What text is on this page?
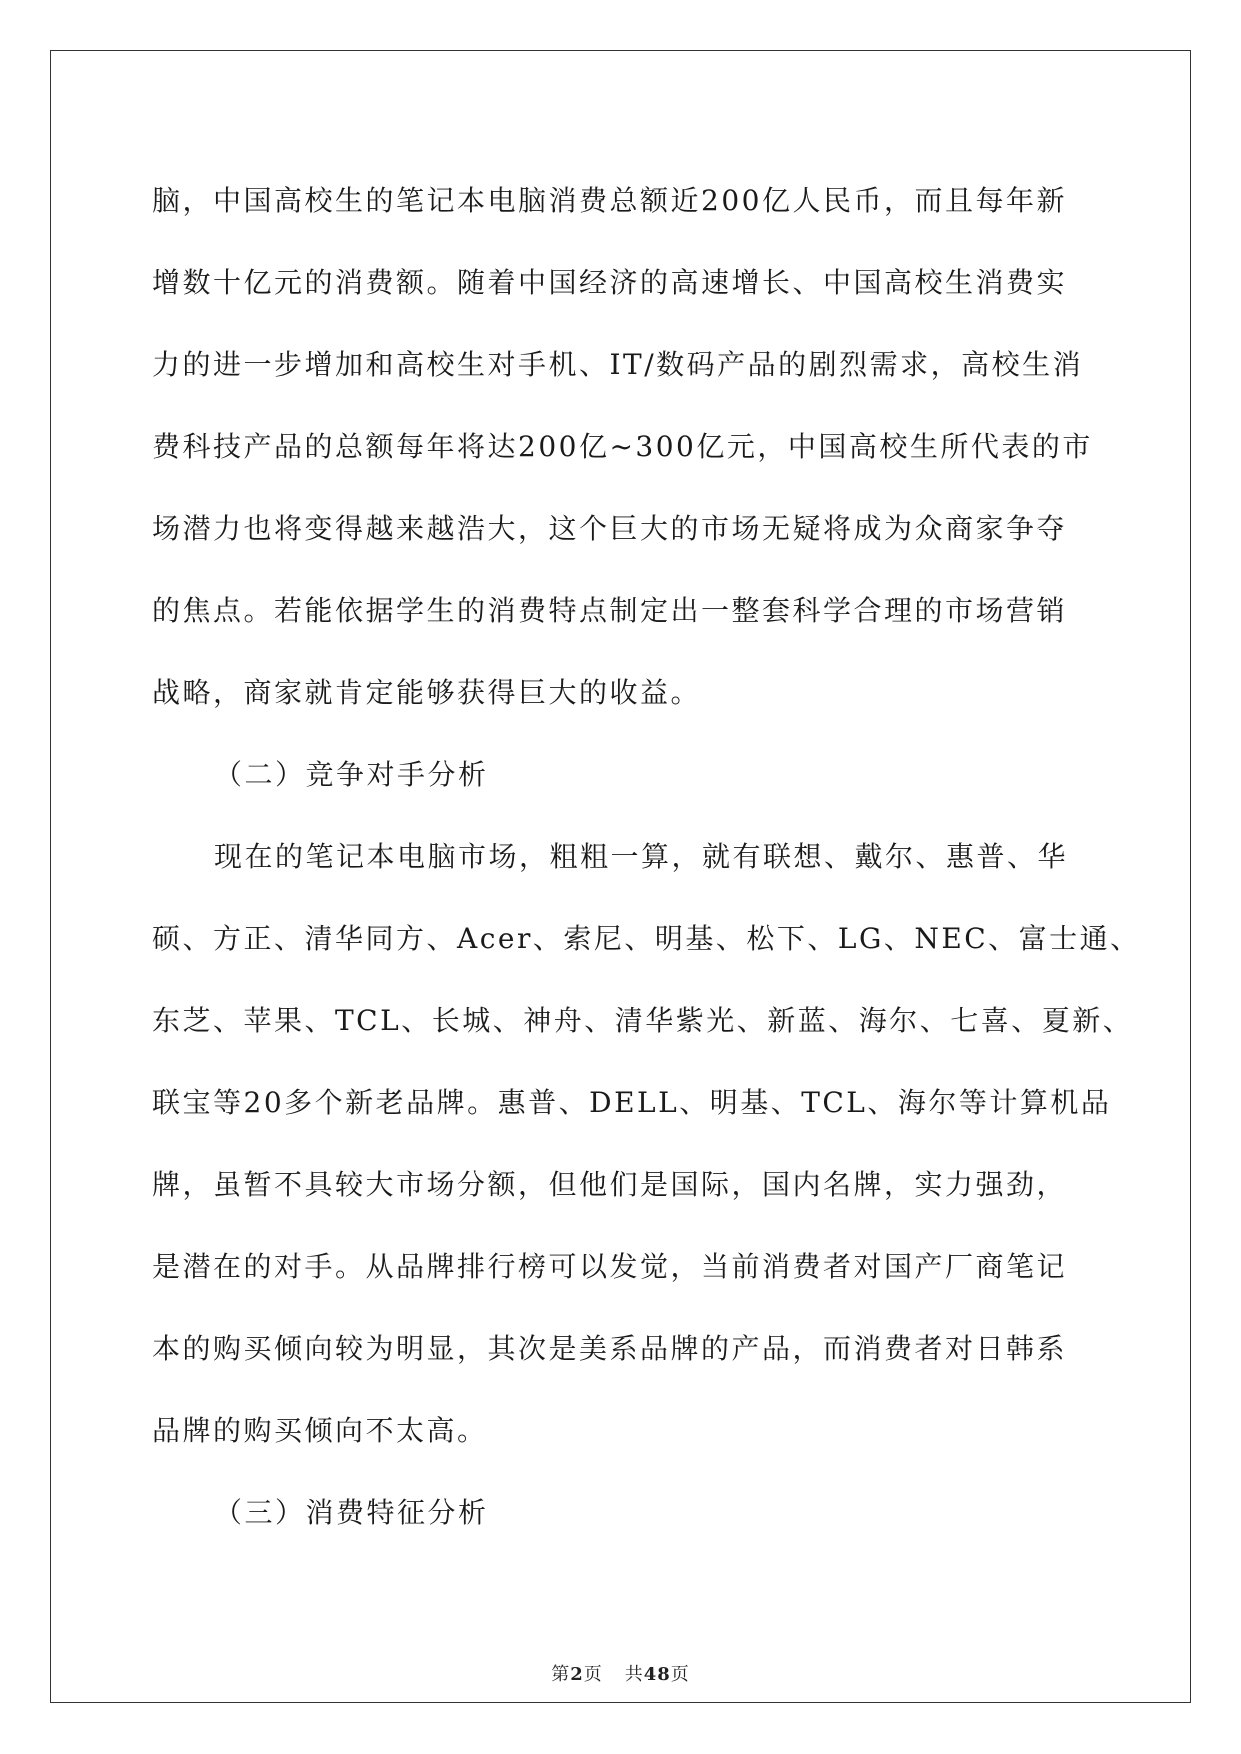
脑，中国高校生的笔记本电脑消费总额近200亿人民币，而且每年新
增数十亿元的消费额。随着中国经济的高速增长、中国高校生消费实
力的进一步增加和高校生对手机、IT/数码产品的剧烈需求，高校生消
费科技产品的总额每年将达200亿~300亿元，中国高校生所代表的市
场潜力也将变得越来越浩大，这个巨大的市场无疑将成为众商家争夺
的焦点。若能依据学生的消费特点制定出一整套科学合理的市场营销
战略，商家就肯定能够获得巨大的收益。
（二）竞争对手分析
现在的笔记本电脑市场，粗粗一算，就有联想、戴尔、惠普、华
硕、方正、清华同方、Acer、索尼、明基、松下、LG、NEC、富士通、
东芝、苹果、TCL、长城、神舟、清华紫光、新蓝、海尔、七喜、夏新、
联宝等20多个新老品牌。惠普、DELL、明基、TCL、海尔等计算机品
牌，虽暂不具较大市场分额，但他们是国际，国内名牌，实力强劲，
是潜在的对手。从品牌排行榜可以发觉，当前消费者对国产厂商笔记
本的购买倾向较为明显，其次是美系品牌的产品，而消费者对日韩系
品牌的购买倾向不太高。
（三）消费特征分析
第2页 共48页
